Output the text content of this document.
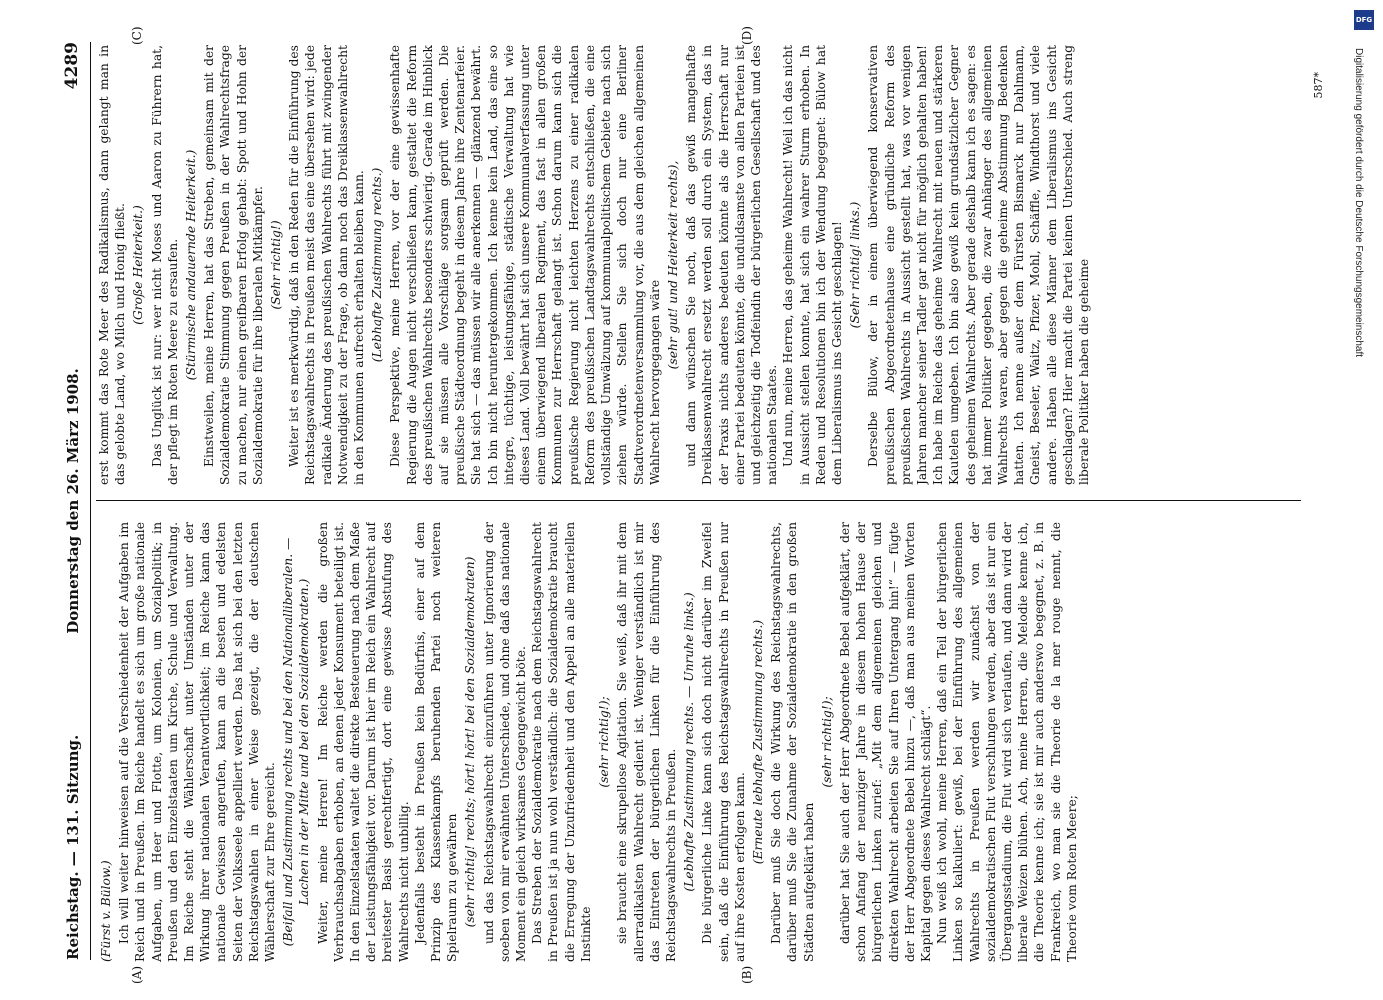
Reichstag. — 131. Sitzung.
Donnerstag den 26. März 1908.
4289
(A)	(B)
(C)	(D)

(Fürst v. Bülow.) Ich will weiter hinweisen auf die Verschiedenheit der Aufgaben im Reich und in Preußen. Im Reiche handelt es sich um große nationale Aufgaben, um Heer und Flotte, um Kolonien, um Sozialpolitik; in Preußen und den Einzelstaaten um Kirche, Schule und Verwaltung. Im Reiche steht die Wählerschaft unter Umständen unter der Wirkung ihrer nationalen Verantwortlichkeit; im Reiche kann das nationale Gewissen angerufen, kann an die besten und edelsten Seiten der Volksseele appelliert werden. Das hat sich bei den letzten Reichstagswahlen in einer Weise gezeigt, die der deutschen Wählerschaft zur Ehre gereicht. (Beifall und Zustimmung rechts und bei den Nationalliberalen. — Lachen in der Mitte und bei den Sozialdemokraten.) Weiter, meine Herren! Im Reiche werden die großen Verbrauchsabgaben erhoben, an denen jeder Konsument beteiligt ist. In den Einzelstaaten waltet die direkte Besteuerung nach dem Maße der Leistungsfähigkeit vor. Darum ist hier im Reich ein Wahlrecht auf breitester Basis gerechtfertigt, dort eine gewisse Abstufung des Wahlrechts nicht unbillig. Jedenfalls besteht in Preußen kein Bedürfnis, einer auf dem Prinzip des Klassenkampfs beruhenden Partei noch weiteren Spielraum zu gewähren (sehr richtig! rechts; hört! hört! bei den Sozialdemokraten) und das Reichstagswahlrecht einzuführen unter Ignorierung der soeben von mir erwähnten Unterschiede, und ohne daß das nationale Moment ein gleich wirksames Gegengewicht böte. Das Streben der Sozialdemokratie nach dem Reichstagswahlrecht in Preußen ist ja nun wohl verständlich: die Sozialdemokratie braucht die Erregung der Unzufriedenheit und den Appell an alle materiellen Instinkte

(sehr richtig!); sie braucht eine skrupellose Agitation. Sie weiß, daß ihr mit dem allerradikalsten Wahlrecht gedient ist. Weniger verständlich ist mir das Eintreten der bürgerlichen Linken für die Einführung des Reichstagswahlrechts in Preußen. (Lebhafte Zustimmung rechts. — Unruhe links.) Die bürgerliche Linke kann sich doch nicht darüber im Zweifel sein, daß die Einführung des Reichstagswahlrechts in Preußen nur auf ihre Kosten erfolgen kann.

(Erneute lebhafte Zustimmung rechts.) Darüber muß Sie doch die Wirkung des Reichstagswahlrechts, darüber muß Sie die Zunahme der Sozialdemokratie in den großen Städten aufgeklärt haben

(sehr richtig!); darüber hat Sie auch der Herr Abgeordnete Bebel aufgeklärt, der schon Anfang der neunziger Jahre in diesem hohen Hause der bürgerlichen Linken zurief: „Mit dem allgemeinen gleichen und direkten Wahlrecht arbeiten Sie auf Ihren Untergang hin!“ — fügte der Herr Abgeordnete Bebel hinzu —, daß man aus meinen Worten Kapital gegen dieses Wahlrecht schlägt“. Nun weiß ich wohl, meine Herren, daß ein Teil der bürgerlichen Linken so kalkuliert: gewiß, bei der Einführung des allgemeinen Wahlrechts in Preußen werden wir zunächst von der sozialdemokratischen Flut verschlungen werden, aber das ist nur ein Übergangsstadium, die Flut wird sich verlaufen, und dann wird der liberale Weizen blühen. Ach, meine Herren, die Melodie kenne ich, die Theorie kenne ich; sie ist mir auch anderswo begegnet, z. B. in Frankreich, wo man sie die Theorie de la mer rouge nennt, die Theorie vom Roten Meere;

erst kommt das Rote Meer des Radikalismus, dann gelangt man in das gelobte Land, wo Milch und Honig fließt. (Große Heiterkeit.) Das Unglück ist nur: wer nicht Moses und Aaron zu Führern hat, der pflegt im Roten Meere zu ersaufen. (Stürmische andauernde Heiterkeit.) Einstweilen, meine Herren, hat das Streben, gemeinsam mit der Sozialdemokratie Stimmung gegen Preußen in der Wahlrechtsfrage zu machen, nur einen greifbaren Erfolg gehabt: Spott und Hohn der Sozialdemokratie für ihre liberalen Mitkämpfer. (Sehr richtig!) Weiter ist es merkwürdig, daß in den Reden für die Einführung des Reichstagswahlrechts in Preußen meist das eine übersehen wird: jede radikale Änderung des preußischen Wahlrechts führt mit zwingender Notwendigkeit zu der Frage, ob dann noch das Dreiklassenwahlrecht in den Kommunen aufrecht erhalten bleiben kann. (Lebhafte Zustimmung rechts.) Diese Perspektive, meine Herren, vor der eine gewissenhafte Regierung die Augen nicht verschließen kann, gestaltet die Reform des preußischen Wahlrechts besonders schwierig. Gerade im Hinblick auf sie müssen alle Vorschläge sorgsam geprüft werden. Die preußische Städteordnung begeht in diesem Jahre ihre Zentenarfeier. Sie hat sich — das müssen wir alle anerkennen — glänzend bewährt. Ich bin nicht heruntergekommen. Ich kenne kein Land, das eine so integre, tüchtige, leistungsfähige, städtische Verwaltung hat wie dieses Land. Voll bewährt hat sich unsere Kommunalverfassung unter einem überwiegend liberalen Regiment, das fast in allen großen Kommunen zur Herrschaft gelangt ist. Schon darum kann sich die preußische Regierung nicht leichten Herzens zu einer radikalen Reform des preußischen Landtagswahlrechts entschließen, die eine vollständige Umwälzung auf kommunalpolitischem Gebiete nach sich ziehen würde. Stellen Sie sich doch nur eine Berliner Stadtverordnetenversammlung vor, die aus dem gleichen allgemeinen Wahlrecht hervorgegangen wäre

(sehr gut! und Heiterkeit rechts), und dann wünschen Sie noch, daß das gewiß mangelhafte Dreiklassenwahlrecht ersetzt werden soll durch ein System, das in der Praxis nichts anderes bedeuten könnte als die Herrschaft nur einer Partei bedeuten könnte, die unduldsamste von allen Parteien ist und gleichzeitig die Todfeindin der bürgerlichen Gesellschaft und des nationalen Staates. Und nun, meine Herren, das geheime Wahlrecht! Weil ich das nicht in Aussicht stellen konnte, hat sich ein wahrer Sturm erhoben. In Reden und Resolutionen bin ich der Wendung begegnet: Bülow hat dem Liberalismus ins Gesicht geschlagen! (Sehr richtig! links.) Derselbe Bülow, der in einem überwiegend konservativen preußischen Abgeordnetenhause eine gründliche Reform des preußischen Wahlrechts in Aussicht gestellt hat, was vor wenigen Jahren mancher seiner Tadler gar nicht für möglich gehalten haben! Ich habe im Reiche das geheime Wahlrecht mit neuen und stärkeren Kautelen umgeben. Ich bin also gewiß kein grundsätzlicher Gegner des geheimen Wahlrechts. Aber gerade deshalb kann ich es sagen: es hat immer Politiker gegeben, die zwar Anhänger des allgemeinen Wahlrechts waren, aber gegen die geheime Abstimmung Bedenken hatten. Ich nenne außer dem Fürsten Bismarck nur Dahlmann, Gneist, Beseler, Waitz, Pfizer, Mohl, Schäffle, Windthorst und viele andere. Haben alle diese Männer dem Liberalismus ins Gesicht geschlagen? Hier macht die Partei keinen Unterschied. Auch streng liberale Politiker haben die geheime

587*
DFG
Digitalisierung gefördert durch die Deutsche Forschungsgemeinschaft
